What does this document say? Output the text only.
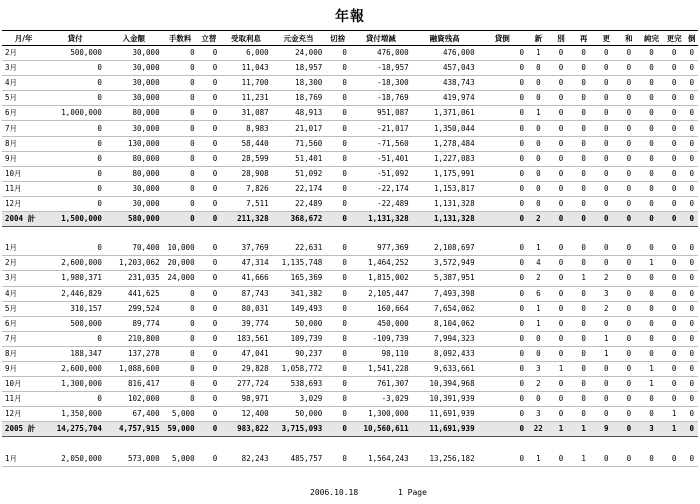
年報
月/年	貸付	入金額	手数料	立替	受取利息	元金充当	切捨	貸付増減	融資残高	貸倒	新	別	再	更	和	純完	更完	倒
2月	500,000	30,000	0	0	6,000	24,000	0	476,000	476,000	0	1	0	0	0	0	0	0	0
3月	0	30,000	0	0	11,043	18,957	0	-18,957	457,043	0	0	0	0	0	0	0	0	0
4月	0	30,000	0	0	11,700	18,300	0	-18,300	438,743	0	0	0	0	0	0	0	0	0
5月	0	30,000	0	0	11,231	18,769	0	-18,769	419,974	0	0	0	0	0	0	0	0	0
6月	1,000,000	80,000	0	0	31,087	48,913	0	951,087	1,371,061	0	1	0	0	0	0	0	0	0
7月	0	30,000	0	0	8,983	21,017	0	-21,017	1,350,044	0	0	0	0	0	0	0	0	0
8月	0	130,000	0	0	58,440	71,560	0	-71,560	1,278,484	0	0	0	0	0	0	0	0	0
9月	0	80,000	0	0	28,599	51,401	0	-51,401	1,227,083	0	0	0	0	0	0	0	0	0
10月	0	80,000	0	0	28,908	51,092	0	-51,092	1,175,991	0	0	0	0	0	0	0	0	0
11月	0	30,000	0	0	7,826	22,174	0	-22,174	1,153,817	0	0	0	0	0	0	0	0	0
12月	0	30,000	0	0	7,511	22,489	0	-22,489	1,131,328	0	0	0	0	0	0	0	0	0
2004 計	1,500,000	580,000	0	0	211,328	368,672	0	1,131,328	1,131,328	0	2	0	0	0	0	0	0	0

1月	0	70,400	10,000	0	37,769	22,631	0	977,369	2,108,697	0	1	0	0	0	0	0	0	0
2月	2,600,000	1,203,062	20,000	0	47,314	1,135,748	0	1,464,252	3,572,949	0	4	0	0	0	0	1	0	0
3月	1,980,371	231,035	24,000	0	41,666	165,369	0	1,815,002	5,387,951	0	2	0	1	2	0	0	0	0
4月	2,446,829	441,625	0	0	87,743	341,382	0	2,105,447	7,493,398	0	6	0	0	3	0	0	0	0
5月	310,157	299,524	0	0	80,031	149,493	0	160,664	7,654,062	0	1	0	0	2	0	0	0	0
6月	500,000	89,774	0	0	39,774	50,000	0	450,000	8,104,062	0	1	0	0	0	0	0	0	0
7月	0	210,800	0	0	183,561	109,739	0	-109,739	7,994,323	0	0	0	0	1	0	0	0	0
8月	188,347	137,278	0	0	47,041	90,237	0	98,110	8,092,433	0	0	0	0	1	0	0	0	0
9月	2,600,000	1,088,600	0	0	29,828	1,058,772	0	1,541,228	9,633,661	0	3	1	0	0	0	1	0	0
10月	1,300,000	816,417	0	0	277,724	538,693	0	761,307	10,394,968	0	2	0	0	0	0	1	0	0
11月	0	102,000	0	0	98,971	3,029	0	-3,029	10,391,939	0	0	0	0	0	0	0	0	0
12月	1,350,000	67,400	5,000	0	12,400	50,000	0	1,300,000	11,691,939	0	3	0	0	0	0	0	1	0
2005 計	14,275,704	4,757,915	59,000	0	983,822	3,715,093	0	10,560,611	11,691,939	0	22	1	1	9	0	3	1	0

1月	2,050,000	573,000	5,000	0	82,243	485,757	0	1,564,243	13,256,182	0	1	0	1	0	0	0	0	0
2006.10.18	1 Page
